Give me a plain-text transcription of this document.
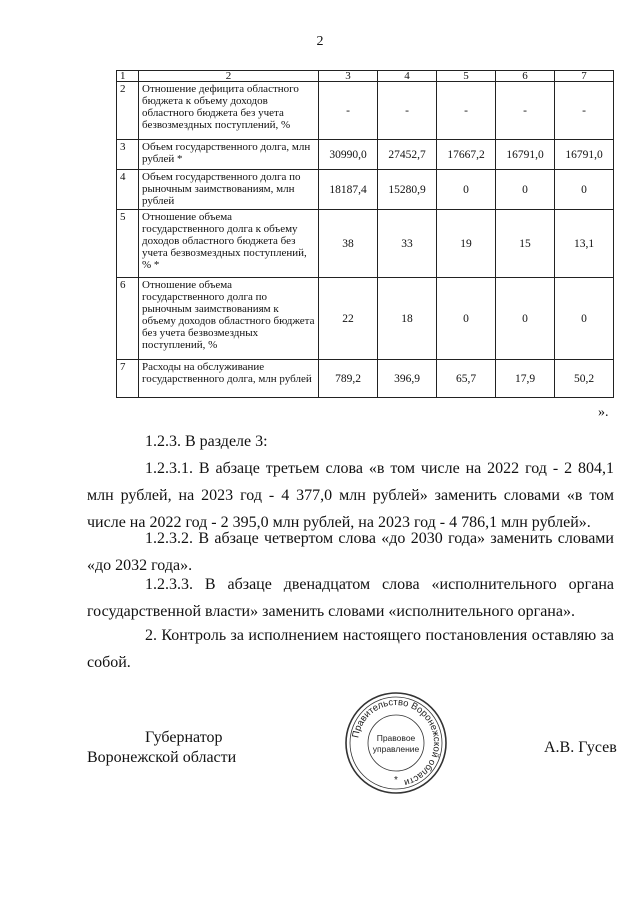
2
1	2	3	4	5	6	7
2	Отношение дефицита областного бюджета к объему доходов областного бюджета без учета безвозмездных поступлений, %	-	-	-	-	-
3	Объем государственного долга, млн рублей *	30990,0	27452,7	17667,2	16791,0	16791,0
4	Объем государственного долга по рыночным заимствованиям, млн рублей	18187,4	15280,9	0	0	0
5	Отношение объема государственного долга к объему доходов областного бюджета без учета безвозмездных поступлений, % *	38	33	19	15	13,1
6	Отношение объема государственного долга по рыночным заимствованиям к объему доходов областного бюджета без учета безвозмездных поступлений, %	22	18	0	0	0
7	Расходы на обслуживание государственного долга, млн рублей	789,2	396,9	65,7	17,9	50,2
».
1.2.3. В разделе 3:
1.2.3.1. В абзаце третьем слова «в том числе на 2022 год - 2 804,1 млн рублей, на 2023 год - 4 377,0 млн рублей» заменить словами «в том числе на 2022 год - 2 395,0 млн рублей, на 2023 год - 4 786,1 млн рублей».
1.2.3.2. В абзаце четвертом слова «до 2030 года» заменить словами «до 2032 года».
1.2.3.3. В абзаце двенадцатом слова «исполнительного органа государственной власти» заменить словами «исполнительного органа».
2. Контроль за исполнением настоящего постановления оставляю за собой.
Губернатор
Воронежской области
Правительство Воронежской области
Правовое
управление
*
А.В. Гусев
